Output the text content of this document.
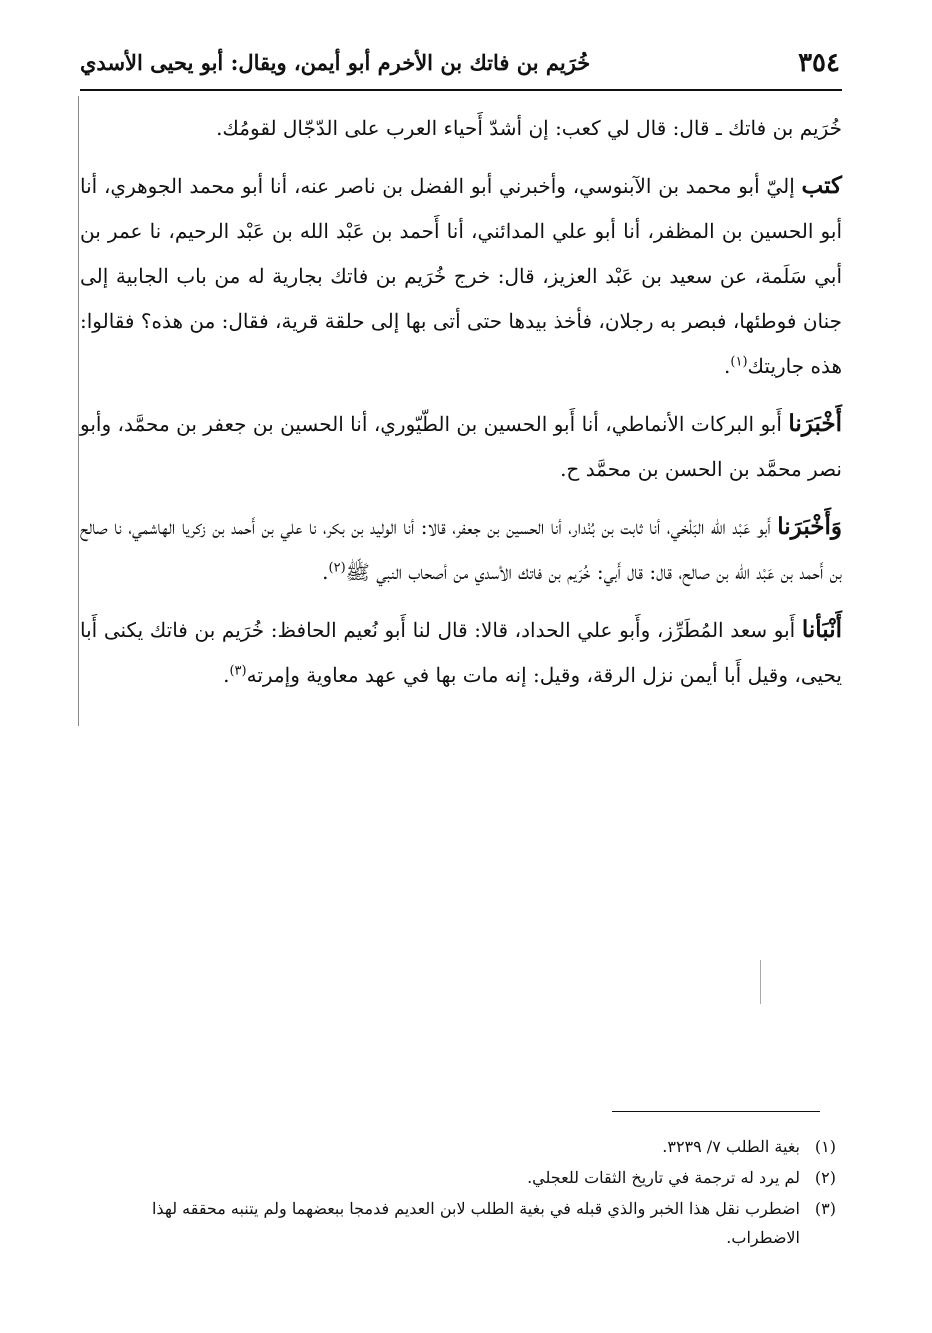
٣٥٤
خُرَيم بن فاتك بن الأخرم أبو أيمن، ويقال: أبو يحيى الأسدي

خُرَيم بن فاتك ـ قال: قال لي كعب: إن أشدّ أَحياء العرب على الدّجّال لقومُك.

كتب إليّ أبو محمد بن الآبنوسي، وأخبرني أبو الفضل بن ناصر عنه، أنا أبو محمد الجوهري، أنا أبو الحسين بن المظفر، أنا أبو علي المدائني، أنا أَحمد بن عَبْد الله بن عَبْد الرحيم، نا عمر بن أبي سَلَمة، عن سعيد بن عَبْد العزيز، قال: خرج خُرَيم بن فاتك بجارية له من باب الجابية إلى جنان فوطئها، فبصر به رجلان، فأخذ بيدها حتى أتى بها إلى حلقة قرية، فقال: من هذه؟ فقالوا: هذه جاريتك$^{(١)}$.

أَخْبَرَنا أَبو البركات الأنماطي، أنا أَبو الحسين بن الطّيّوري، أنا الحسين بن جعفر بن محمَّد، وأبو نصر محمَّد بن الحسن بن محمَّد ح.

وَأَخْبَرَنا أَبو عَبْد الله البَلْخي، أنا ثابت بن بُنْدار، أنا الحسين بن جعفر، قالا: أنا الوليد بن بكر، نا علي بن أَحمد بن زكريا الهاشمي، نا صالح بن أَحمد بن عَبْد الله بن صالح، قال: قال أَبي: خُرَيم بن فاتك الأسدي من أصحاب النبي ﷺ$^{(٢)}$.

أَنْبَأنا أَبو سعد المُطَرِّز، وأَبو علي الحداد، قالا: قال لنا أَبو نُعيم الحافظ: خُرَيم بن فاتك يكنى أَبا يحيى، وقيل أَبا أيمن نزل الرقة، وقيل: إنه مات بها في عهد معاوية وإمرته$^{(٣)}$.

(١)
بغية الطلب ٧/ ٣٢٣٩.
(٢)
لم يرد له ترجمة في تاريخ الثقات للعجلي.
(٣)
اضطرب نقل هذا الخبر والذي قبله في بغية الطلب لابن العديم فدمجا ببعضهما ولم يتنبه محققه لهذا الاضطراب.
